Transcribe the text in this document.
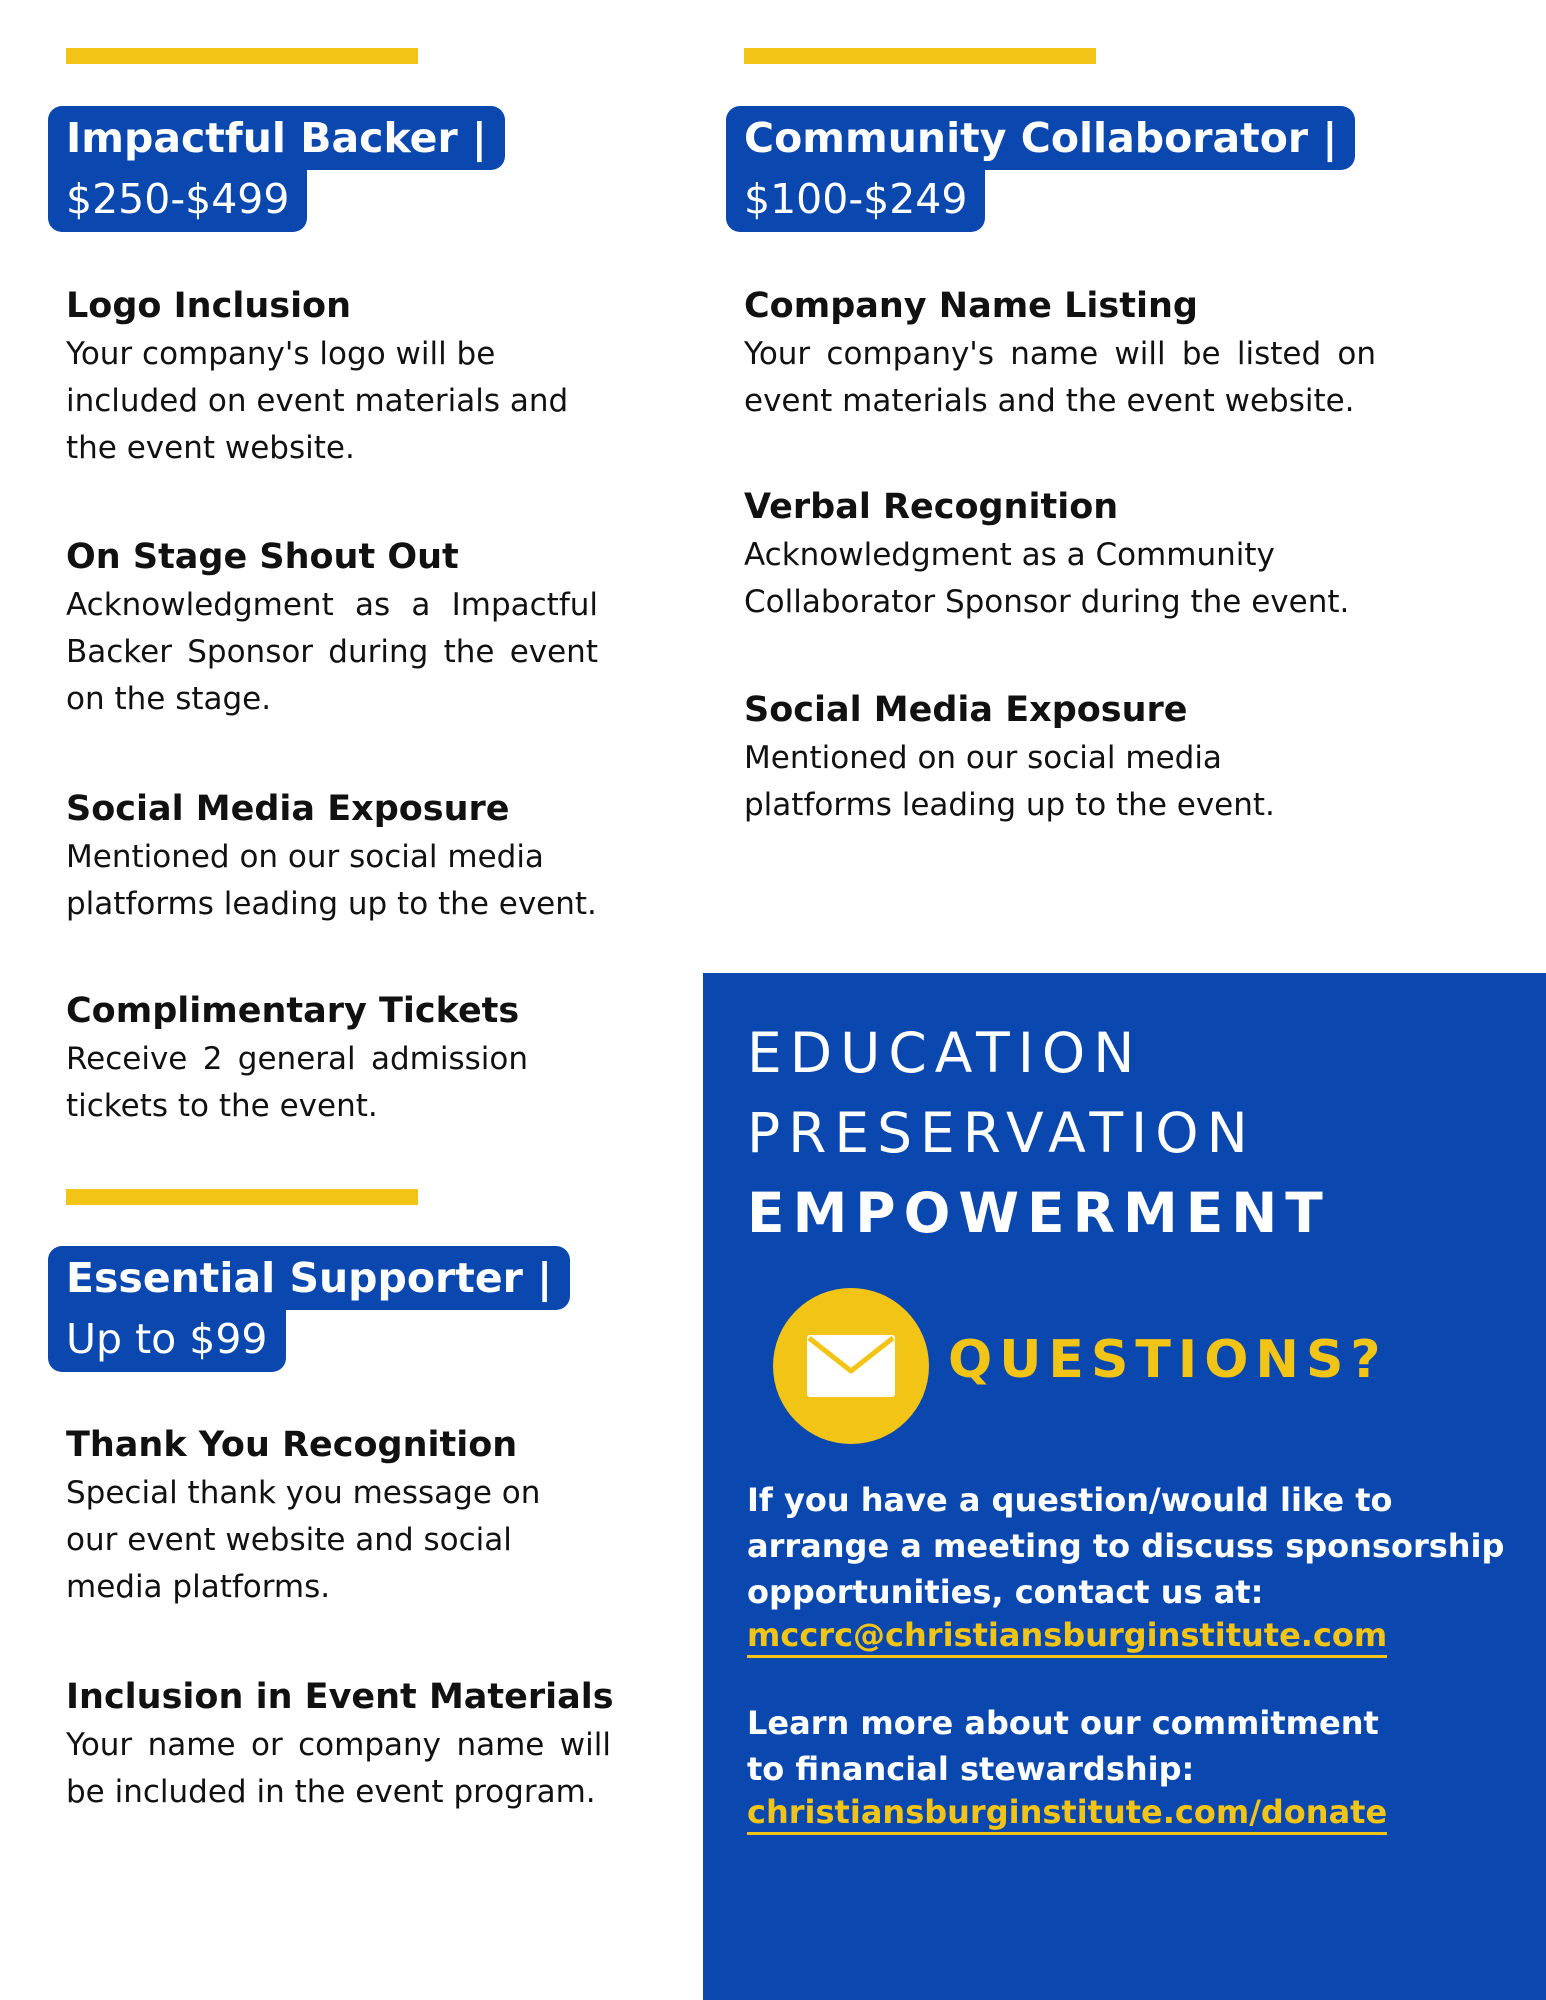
Impactful Backer |
$250-$499
Logo Inclusion
Your company's logo will be included on event materials and the event website.
On Stage Shout Out
Acknowledgment as a Impactful Backer Sponsor during the event on the stage.
Social Media Exposure
Mentioned on our social media platforms leading up to the event.
Complimentary Tickets
Receive 2 general admission tickets to the event.
Essential Supporter |
Up to $99
Thank You Recognition
Special thank you message on our event website and social media platforms.
Inclusion in Event Materials
Your name or company name will be included in the event program.
Community Collaborator |
$100-$249
Company Name Listing
Your company's name will be listed on event materials and the event website.
Verbal Recognition
Acknowledgment as a Community Collaborator Sponsor during the event.
Social Media Exposure
Mentioned on our social media platforms leading up to the event.
EDUCATION
PRESERVATION
EMPOWERMENT
QUESTIONS?
If you have a question/would like to arrange a meeting to discuss sponsorship opportunities, contact us at:
mccrc@christiansburginstitute.com
Learn more about our commitment to financial stewardship:
christiansburginstitute.com/donate
